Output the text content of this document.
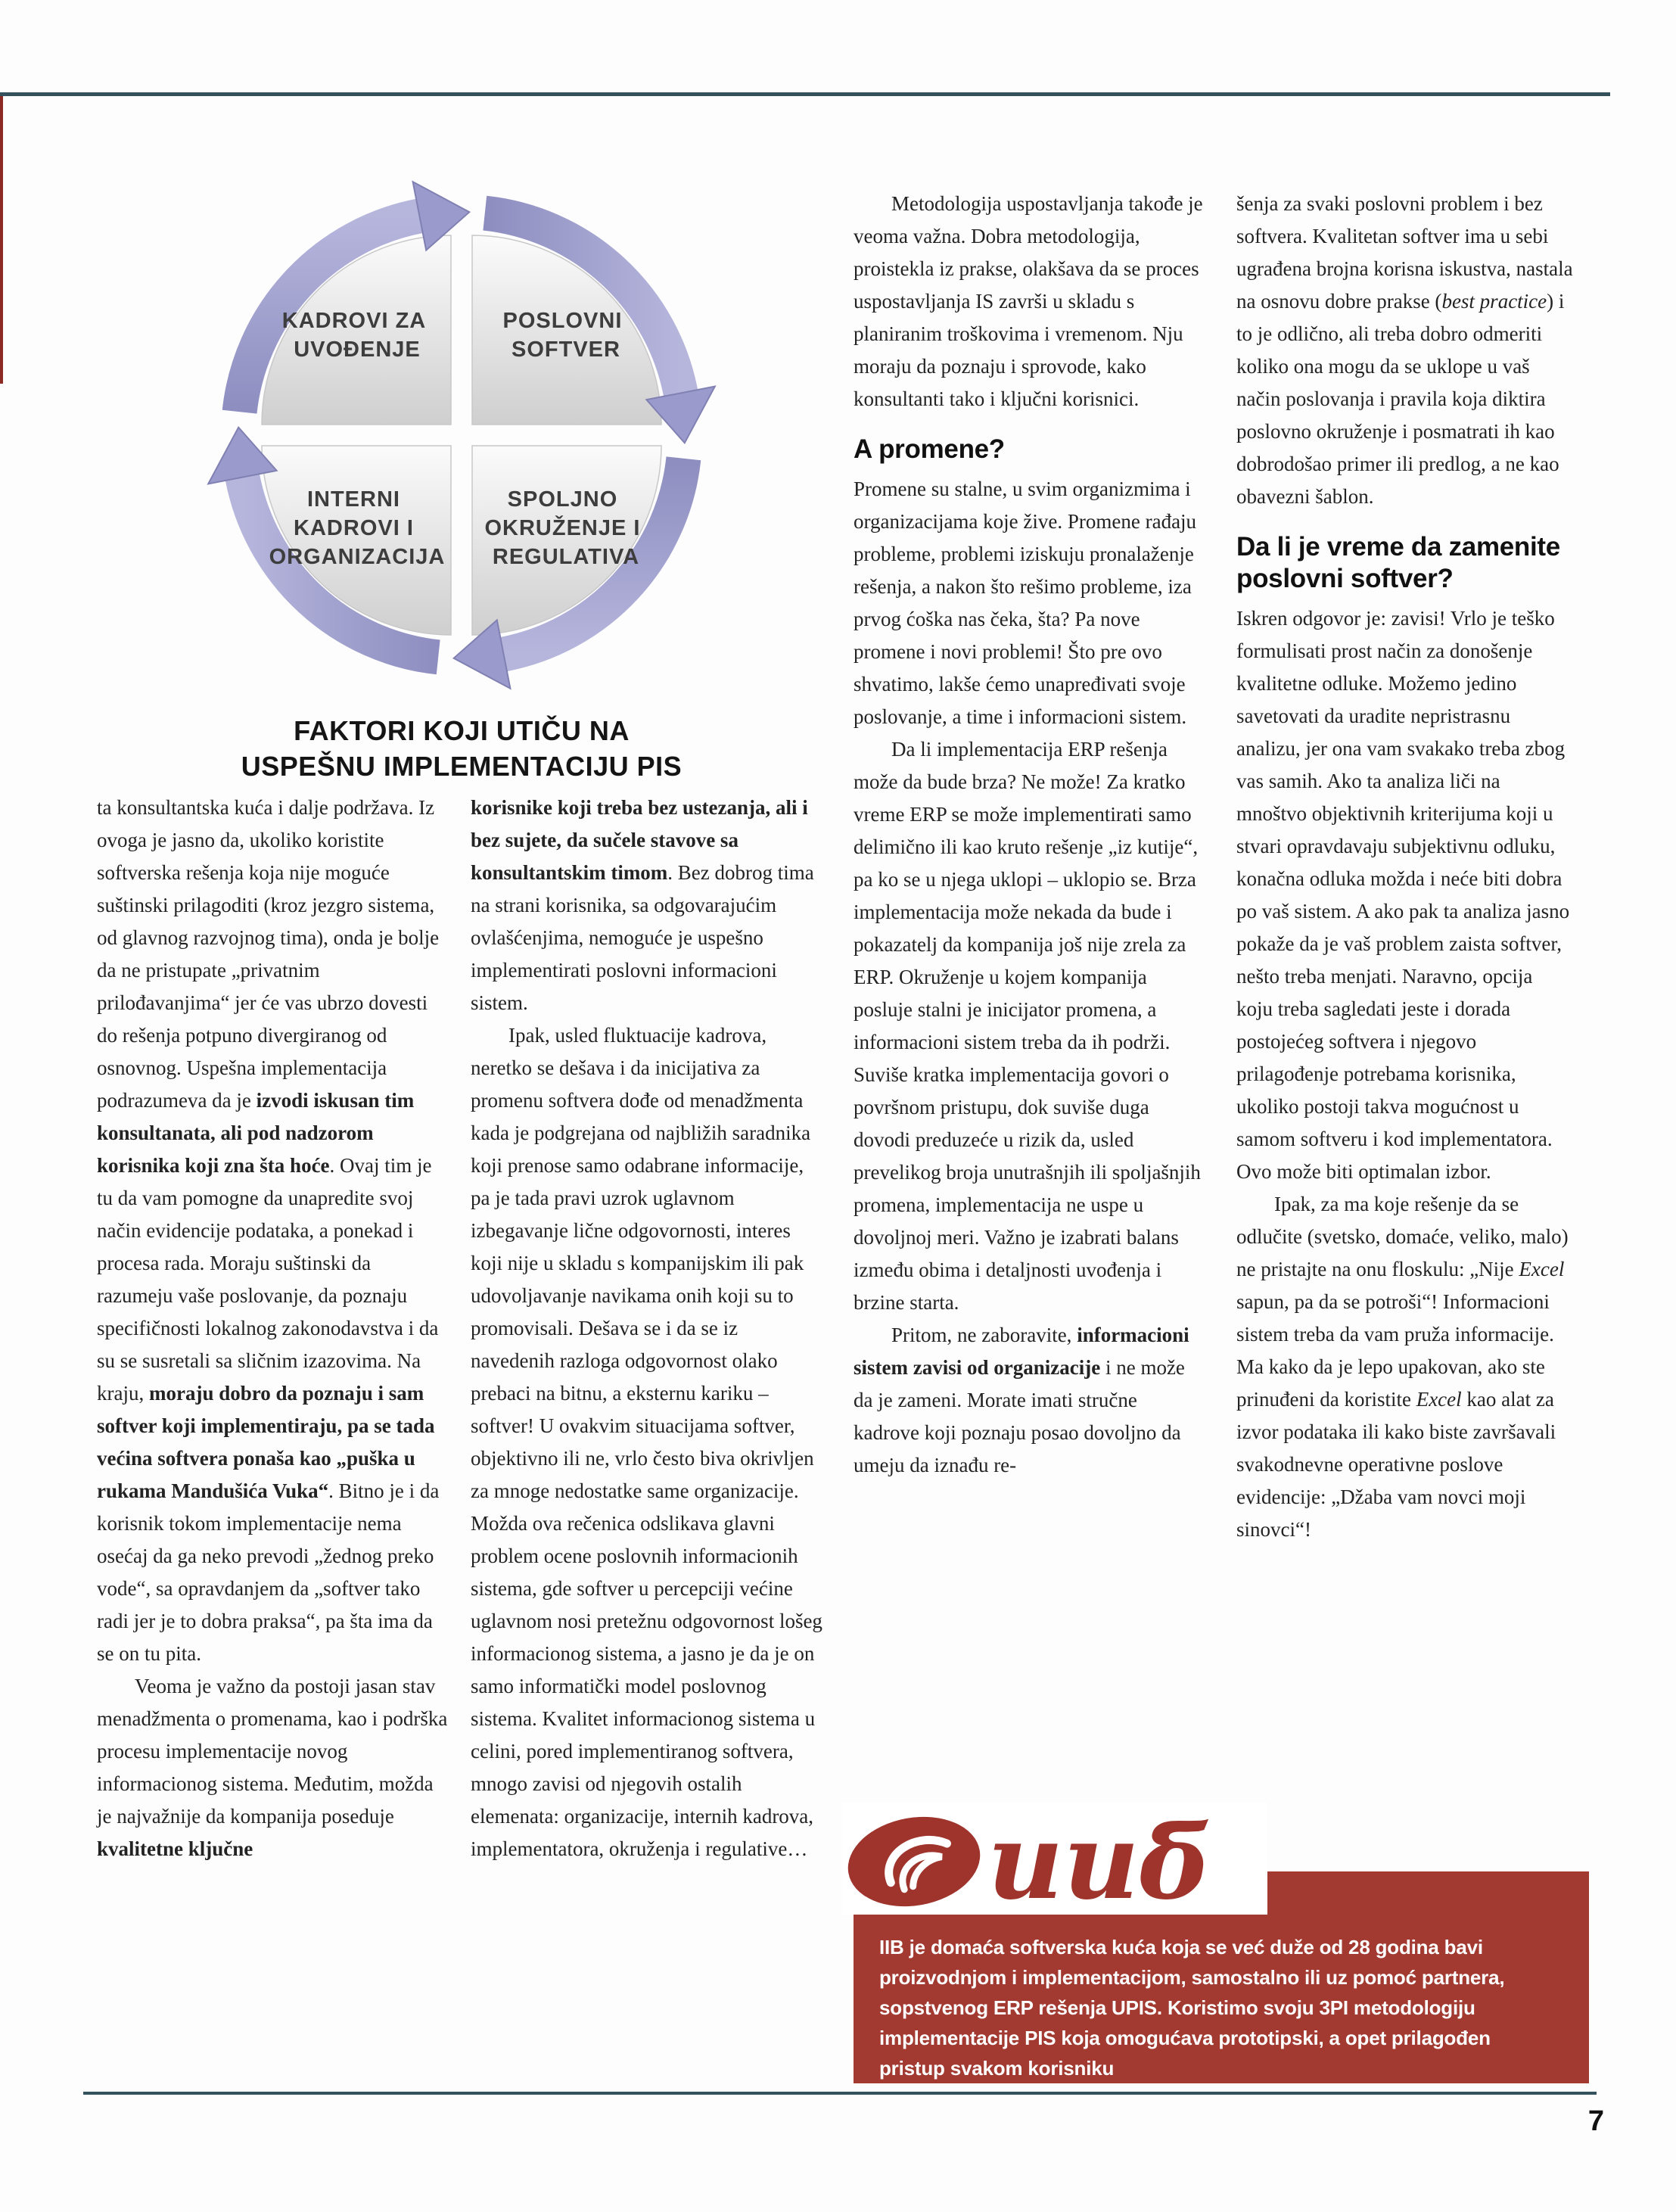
KADROVI ZA UVOĐENJE
POSLOVNI SOFTVER
INTERNI KADROVI I ORGANIZACIJA
SPOLJNO OKRUŽENJE I REGULATIVA
FAKTORI KOJI UTIČU NA
USPEŠNU IMPLEMENTACIJU PIS

ta konsultantska kuća i dalje podržava. Iz ovoga je jasno da, ukoliko koristite softverska rešenja koja nije moguće suštinski prilagoditi (kroz jezgro sistema, od glavnog razvojnog tima), onda je bolje da ne pristupate „privatnim prilođavanjima“ jer će vas ubrzo dovesti do rešenja potpuno divergiranog od osnovnog. Uspešna implementacija podrazumeva da je izvodi iskusan tim konsultanata, ali pod nadzorom korisnika koji zna šta hoće. Ovaj tim je tu da vam pomogne da unapredite svoj način evidencije podataka, a ponekad i procesa rada. Moraju suštinski da razumeju vaše poslovanje, da poznaju specifičnosti lokalnog zakonodavstva i da su se susretali sa sličnim izazovima. Na kraju, moraju dobro da poznaju i sam softver koji implementiraju, pa se tada većina softvera ponaša kao „puška u rukama Mandušića Vuka“. Bitno je i da korisnik tokom implementacije nema osećaj da ga neko prevodi „žednog preko vode“, sa opravdanjem da „softver tako radi jer je to dobra praksa“, pa šta ima da se on tu pita.

Veoma je važno da postoji jasan stav menadžmenta o promenama, kao i podrška procesu implementacije novog informacionog sistema. Međutim, možda je najvažnije da kompanija poseduje kvalitetne ključne

korisnike koji treba bez ustezanja, ali i bez sujete, da sučele stavove sa konsultantskim timom. Bez dobrog tima na strani korisnika, sa odgovarajućim ovlašćenjima, nemoguće je uspešno implementirati poslovni informacioni sistem.

Ipak, usled fluktuacije kadrova, neretko se dešava i da inicijativa za promenu softvera dođe od menadžmenta kada je podgrejana od najbližih saradnika koji prenose samo odabrane informacije, pa je tada pravi uzrok uglavnom izbegavanje lične odgovornosti, interes koji nije u skladu s kompanijskim ili pak udovoljavanje navikama onih koji su to promovisali. Dešava se i da se iz navedenih razloga odgovornost olako prebaci na bitnu, a eksternu kariku – softver! U ovakvim situacijama softver, objektivno ili ne, vrlo često biva okrivljen za mnoge nedostatke same organizacije. Možda ova rečenica odslikava glavni problem ocene poslovnih informacionih sistema, gde softver u percepciji većine uglavnom nosi pretežnu odgovornost lošeg informacionog sistema, a jasno je da je on samo informatički model poslovnog sistema. Kvalitet informacionog sistema u celini, pored implementiranog softvera, mnogo zavisi od njegovih ostalih elemenata: organizacije, internih kadrova, implementatora, okruženja i regulative…

Metodologija uspostavljanja takođe je veoma važna. Dobra metodologija, proistekla iz prakse, olakšava da se proces uspostavljanja IS završi u skladu s planiranim troškovima i vremenom. Nju moraju da poznaju i sprovode, kako konsultanti tako i ključni korisnici.

A promene?

Promene su stalne, u svim organizmima i organizacijama koje žive. Promene rađaju probleme, problemi iziskuju pronalaženje rešenja, a nakon što rešimo probleme, iza prvog ćoška nas čeka, šta? Pa nove promene i novi problemi! Što pre ovo shvatimo, lakše ćemo unapređivati svoje poslovanje, a time i informacioni sistem.

Da li implementacija ERP rešenja može da bude brza? Ne može! Za kratko vreme ERP se može implementirati samo delimično ili kao kruto rešenje „iz kutije“, pa ko se u njega uklopi – uklopio se. Brza implementacija može nekada da bude i pokazatelj da kompanija još nije zrela za ERP. Okruženje u kojem kompanija posluje stalni je inicijator promena, a informacioni sistem treba da ih podrži. Suviše kratka implementacija govori o površnom pristupu, dok suviše duga dovodi preduzeće u rizik da, usled prevelikog broja unutrašnjih ili spoljašnjih promena, implementacija ne uspe u dovoljnoj meri. Važno je izabrati balans između obima i detaljnosti uvođenja i brzine starta.

Pritom, ne zaboravite, informacioni sistem zavisi od organizacije i ne može da je zameni. Morate imati stručne kadrove koji poznaju posao dovoljno da umeju da iznađu re-

šenja za svaki poslovni problem i bez softvera. Kvalitetan softver ima u sebi ugrađena brojna korisna iskustva, nastala na osnovu dobre prakse (best practice) i to je odlično, ali treba dobro odmeriti koliko ona mogu da se uklope u vaš način poslovanja i pravila koja diktira poslovno okruženje i posmatrati ih kao dobrodošao primer ili predlog, a ne kao obavezni šablon.

Da li je vreme da zamenite poslovni softver?

Iskren odgovor je: zavisi! Vrlo je teško formulisati prost način za donošenje kvalitetne odluke. Možemo jedino savetovati da uradite nepristrasnu analizu, jer ona vam svakako treba zbog vas samih. Ako ta analiza liči na mnoštvo objektivnih kriterijuma koji u stvari opravdavaju subjektivnu odluku, konačna odluka možda i neće biti dobra po vaš sistem. A ako pak ta analiza jasno pokaže da je vaš problem zaista softver, nešto treba menjati. Naravno, opcija koju treba sagledati jeste i dorada postojećeg softvera i njegovo prilagođenje potrebama korisnika, ukoliko postoji takva mogućnost u samom softveru i kod implementatora. Ovo može biti optimalan izbor.

Ipak, za ma koje rešenje da se odlučite (svetsko, domaće, veliko, malo) ne pristajte na onu floskulu: „Nije Excel sapun, pa da se potroši“! Informacioni sistem treba da vam pruža informacije. Ma kako da je lepo upakovan, ako ste prinuđeni da koristite Excel kao alat za izvor podataka ili kako biste završavali svakodnevne operativne poslove evidencije: „Džaba vam novci moji sinovci“!

IIB je domaća softverska kuća koja se već duže od 28 godina bavi proizvodnjom i implementacijom, samostalno ili uz pomoć partnera, sopstvenog ERP rešenja UPIS. Koristimo svoju 3PI metodologiju implementacije PIS koja omogućava prototipski, a opet prilagođen pristup svakom korisniku
ииб
7
